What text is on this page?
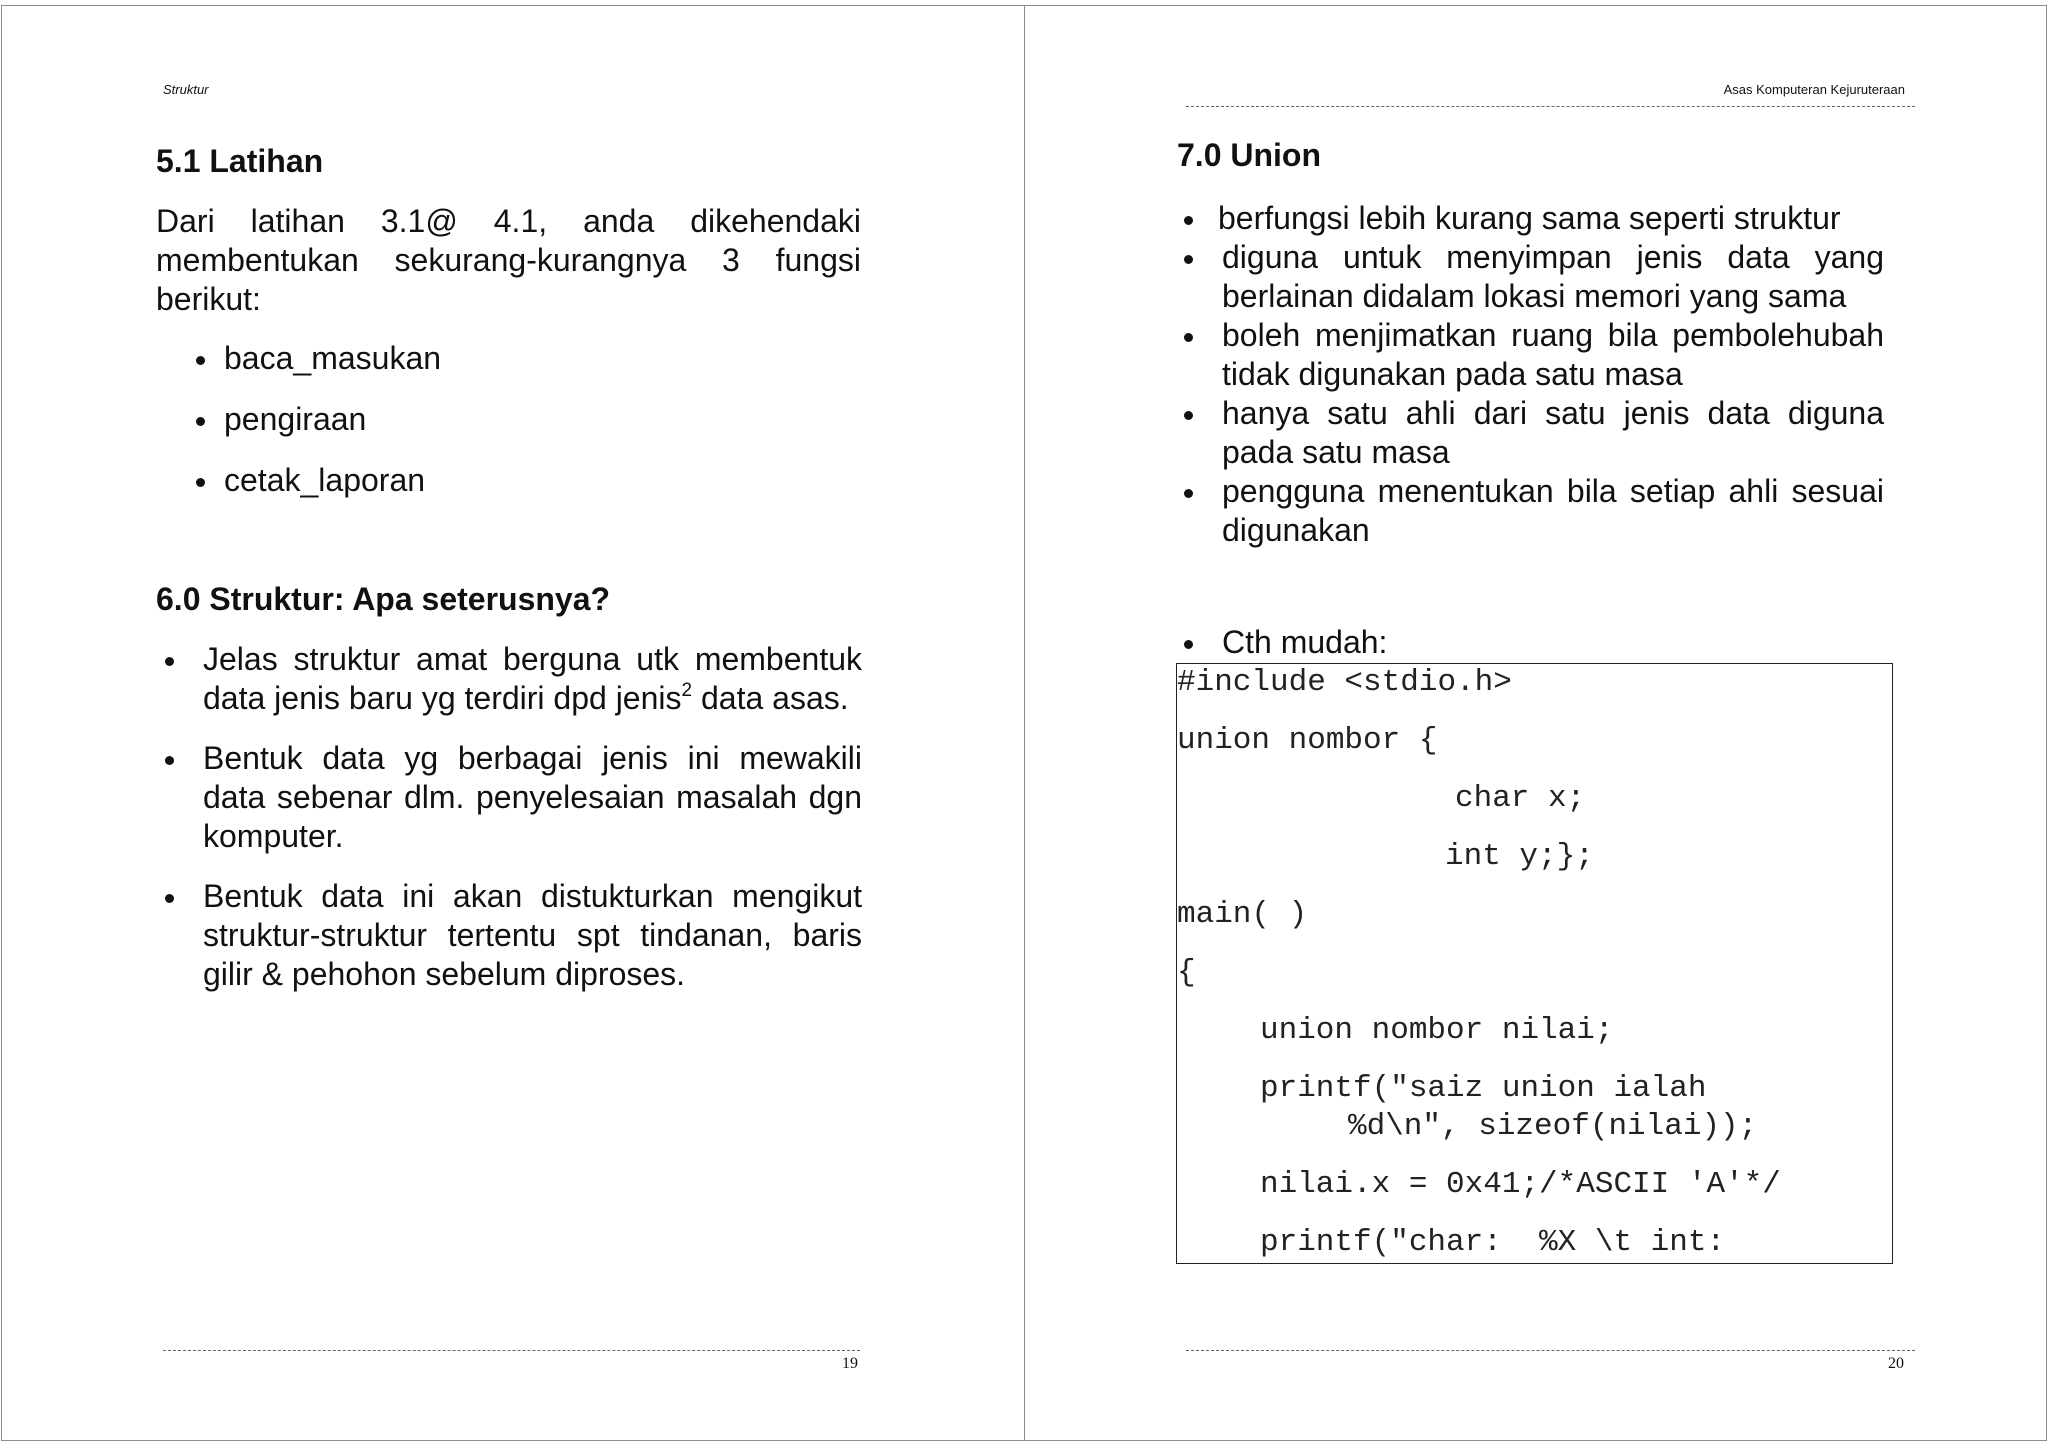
Struktur
5.1 Latihan

Dari latihan 3.1@ 4.1, anda dikehendaki membentukan sekurang-kurangnya 3 fungsi berikut:

baca_masukan
pengiraan
cetak_laporan
6.0 Struktur: Apa seterusnya?
Jelas struktur amat berguna utk membentuk data jenis baru yg terdiri dpd jenis$^2$ data asas.
Bentuk data yg berbagai jenis ini mewakili data sebenar dlm. penyelesaian masalah dgn komputer.
Bentuk data ini akan distukturkan mengikut struktur-struktur tertentu spt tindanan, baris gilir & pehohon sebelum diproses.
19
Asas Komputeran Kejuruteraan
20
7.0 Union
berfungsi lebih kurang sama seperti struktur
diguna untuk menyimpan jenis data yang berlainan didalam lokasi memori yang sama
boleh menjimatkan ruang bila pembolehubah tidak digunakan pada satu masa
hanya satu ahli dari satu jenis data diguna pada satu masa
pengguna menentukan bila setiap ahli sesuai digunakan
Cth mudah:
#include <stdio.h>
union nombor {
char x;
int y;};
main( )
{
union nombor nilai;
printf("saiz union ialah
%d\n", sizeof(nilai));
nilai.x = 0x41;/*ASCII 'A'*/
printf("char:  %X \t int:
